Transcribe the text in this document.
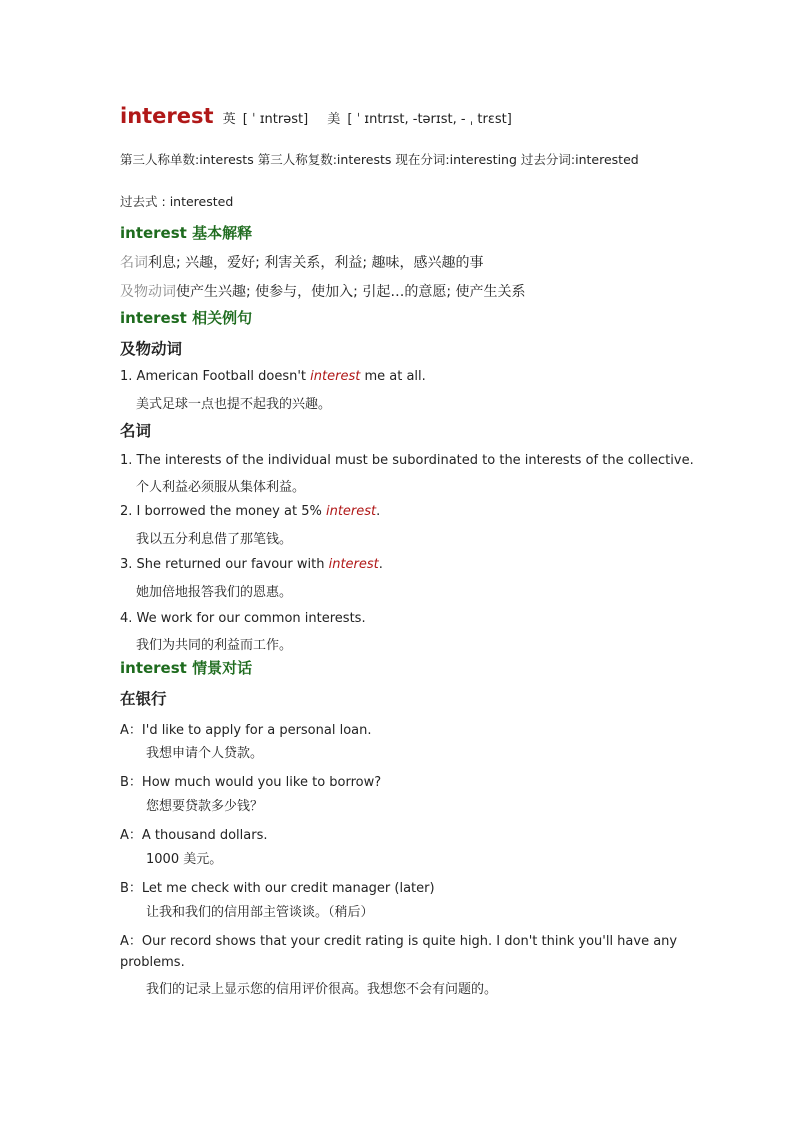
interest 英 [ ˈ ɪntrəst] 美 [ ˈ ɪntrɪst, -tərɪst, - ˌ trɛst]
第三人称单数:interests 第三人称复数:interests 现在分词:interesting 过去分词:interested
过去式 : interested
interest 基本解释
名词利息; 兴趣，爱好; 利害关系，利益; 趣味，感兴趣的事
及物动词使产生兴趣; 使参与，使加入; 引起…的意愿; 使产生关系
interest 相关例句
及物动词
1. American Football doesn't interest me at all.
美式足球一点也提不起我的兴趣。
名词
1. The interests of the individual must be subordinated to the interests of the collective.
个人利益必须服从集体利益。
2. I borrowed the money at 5% interest.
我以五分利息借了那笔钱。
3. She returned our favour with interest.
她加倍地报答我们的恩惠。
4. We work for our common interests.
我们为共同的利益而工作。
interest 情景对话
在银行
A：I'd like to apply for a personal loan.
我想申请个人贷款。
B：How much would you like to borrow?
您想要贷款多少钱？
A：A thousand dollars.
1000 美元。
B：Let me check with our credit manager (later)
让我和我们的信用部主管谈谈。（稍后）
A：Our record shows that your credit rating is quite high. I don't think you'll have any
problems.
我们的记录上显示您的信用评价很高。我想您不会有问题的。
